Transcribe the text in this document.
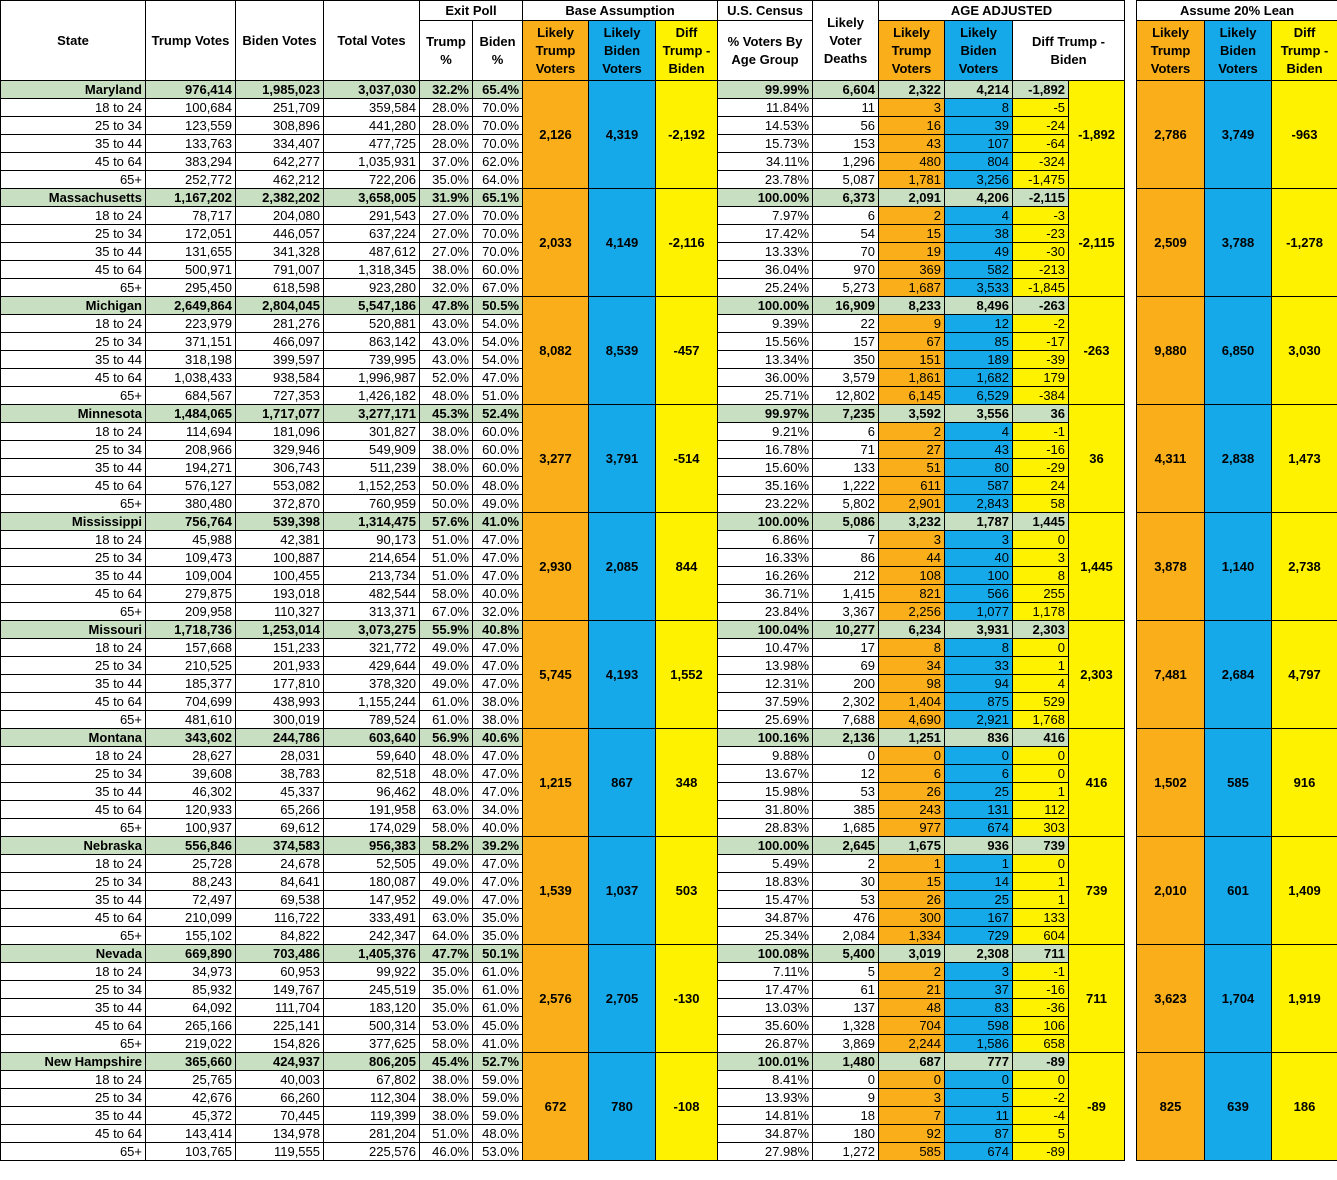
State	Trump Votes	Biden Votes	Total Votes	Exit Poll		Base Assumption			U.S. Census	Likely Voter Deaths	AGE ADJUSTED					Assume 20% Lean		
				Trump %	Biden %	Likely Trump Voters	Likely Biden Voters	Diff Trump - Biden	% Voters By Age Group		Likely Trump Voters	Likely Biden Voters	Diff Trump - Biden			Likely Trump Voters	Likely Biden Voters	Diff Trump - Biden
Maryland	976,414	1,985,023	3,037,030	32.2%	65.4%	2,126	4,319	-2,192	99.99%	6,604	2,322	4,214	-1,892	-1,892		2,786	3,749	-963
18 to 24	100,684	251,709	359,584	28.0%	70.0%				11.84%	11	3	8	-5					
25 to 34	123,559	308,896	441,280	28.0%	70.0%				14.53%	56	16	39	-24					
35 to 44	133,763	334,407	477,725	28.0%	70.0%				15.73%	153	43	107	-64					
45 to 64	383,294	642,277	1,035,931	37.0%	62.0%				34.11%	1,296	480	804	-324					
65+	252,772	462,212	722,206	35.0%	64.0%				23.78%	5,087	1,781	3,256	-1,475					
Massachusetts	1,167,202	2,382,202	3,658,005	31.9%	65.1%	2,033	4,149	-2,116	100.00%	6,373	2,091	4,206	-2,115	-2,115		2,509	3,788	-1,278
18 to 24	78,717	204,080	291,543	27.0%	70.0%				7.97%	6	2	4	-3					
25 to 34	172,051	446,057	637,224	27.0%	70.0%				17.42%	54	15	38	-23					
35 to 44	131,655	341,328	487,612	27.0%	70.0%				13.33%	70	19	49	-30					
45 to 64	500,971	791,007	1,318,345	38.0%	60.0%				36.04%	970	369	582	-213					
65+	295,450	618,598	923,280	32.0%	67.0%				25.24%	5,273	1,687	3,533	-1,845					
Michigan	2,649,864	2,804,045	5,547,186	47.8%	50.5%	8,082	8,539	-457	100.00%	16,909	8,233	8,496	-263	-263		9,880	6,850	3,030
18 to 24	223,979	281,276	520,881	43.0%	54.0%				9.39%	22	9	12	-2					
25 to 34	371,151	466,097	863,142	43.0%	54.0%				15.56%	157	67	85	-17					
35 to 44	318,198	399,597	739,995	43.0%	54.0%				13.34%	350	151	189	-39					
45 to 64	1,038,433	938,584	1,996,987	52.0%	47.0%				36.00%	3,579	1,861	1,682	179					
65+	684,567	727,353	1,426,182	48.0%	51.0%				25.71%	12,802	6,145	6,529	-384					
Minnesota	1,484,065	1,717,077	3,277,171	45.3%	52.4%	3,277	3,791	-514	99.97%	7,235	3,592	3,556	36	36		4,311	2,838	1,473
18 to 24	114,694	181,096	301,827	38.0%	60.0%				9.21%	6	2	4	-1					
25 to 34	208,966	329,946	549,909	38.0%	60.0%				16.78%	71	27	43	-16					
35 to 44	194,271	306,743	511,239	38.0%	60.0%				15.60%	133	51	80	-29					
45 to 64	576,127	553,082	1,152,253	50.0%	48.0%				35.16%	1,222	611	587	24					
65+	380,480	372,870	760,959	50.0%	49.0%				23.22%	5,802	2,901	2,843	58					
Mississippi	756,764	539,398	1,314,475	57.6%	41.0%	2,930	2,085	844	100.00%	5,086	3,232	1,787	1,445	1,445		3,878	1,140	2,738
18 to 24	45,988	42,381	90,173	51.0%	47.0%				6.86%	7	3	3	0					
25 to 34	109,473	100,887	214,654	51.0%	47.0%				16.33%	86	44	40	3					
35 to 44	109,004	100,455	213,734	51.0%	47.0%				16.26%	212	108	100	8					
45 to 64	279,875	193,018	482,544	58.0%	40.0%				36.71%	1,415	821	566	255					
65+	209,958	110,327	313,371	67.0%	32.0%				23.84%	3,367	2,256	1,077	1,178					
Missouri	1,718,736	1,253,014	3,073,275	55.9%	40.8%	5,745	4,193	1,552	100.04%	10,277	6,234	3,931	2,303	2,303		7,481	2,684	4,797
18 to 24	157,668	151,233	321,772	49.0%	47.0%				10.47%	17	8	8	0					
25 to 34	210,525	201,933	429,644	49.0%	47.0%				13.98%	69	34	33	1					
35 to 44	185,377	177,810	378,320	49.0%	47.0%				12.31%	200	98	94	4					
45 to 64	704,699	438,993	1,155,244	61.0%	38.0%				37.59%	2,302	1,404	875	529					
65+	481,610	300,019	789,524	61.0%	38.0%				25.69%	7,688	4,690	2,921	1,768					
Montana	343,602	244,786	603,640	56.9%	40.6%	1,215	867	348	100.16%	2,136	1,251	836	416	416		1,502	585	916
18 to 24	28,627	28,031	59,640	48.0%	47.0%				9.88%	0	0	0	0					
25 to 34	39,608	38,783	82,518	48.0%	47.0%				13.67%	12	6	6	0					
35 to 44	46,302	45,337	96,462	48.0%	47.0%				15.98%	53	26	25	1					
45 to 64	120,933	65,266	191,958	63.0%	34.0%				31.80%	385	243	131	112					
65+	100,937	69,612	174,029	58.0%	40.0%				28.83%	1,685	977	674	303					
Nebraska	556,846	374,583	956,383	58.2%	39.2%	1,539	1,037	503	100.00%	2,645	1,675	936	739	739		2,010	601	1,409
18 to 24	25,728	24,678	52,505	49.0%	47.0%				5.49%	2	1	1	0					
25 to 34	88,243	84,641	180,087	49.0%	47.0%				18.83%	30	15	14	1					
35 to 44	72,497	69,538	147,952	49.0%	47.0%				15.47%	53	26	25	1					
45 to 64	210,099	116,722	333,491	63.0%	35.0%				34.87%	476	300	167	133					
65+	155,102	84,822	242,347	64.0%	35.0%				25.34%	2,084	1,334	729	604					
Nevada	669,890	703,486	1,405,376	47.7%	50.1%	2,576	2,705	-130	100.08%	5,400	3,019	2,308	711	711		3,623	1,704	1,919
18 to 24	34,973	60,953	99,922	35.0%	61.0%				7.11%	5	2	3	-1					
25 to 34	85,932	149,767	245,519	35.0%	61.0%				17.47%	61	21	37	-16					
35 to 44	64,092	111,704	183,120	35.0%	61.0%				13.03%	137	48	83	-36					
45 to 64	265,166	225,141	500,314	53.0%	45.0%				35.60%	1,328	704	598	106					
65+	219,022	154,826	377,625	58.0%	41.0%				26.87%	3,869	2,244	1,586	658					
New Hampshire	365,660	424,937	806,205	45.4%	52.7%	672	780	-108	100.01%	1,480	687	777	-89	-89		825	639	186
18 to 24	25,765	40,003	67,802	38.0%	59.0%				8.41%	0	0	0	0					
25 to 34	42,676	66,260	112,304	38.0%	59.0%				13.93%	9	3	5	-2					
35 to 44	45,372	70,445	119,399	38.0%	59.0%				14.81%	18	7	11	-4					
45 to 64	143,414	134,978	281,204	51.0%	48.0%				34.87%	180	92	87	5					
65+	103,765	119,555	225,576	46.0%	53.0%				27.98%	1,272	585	674	-89					
